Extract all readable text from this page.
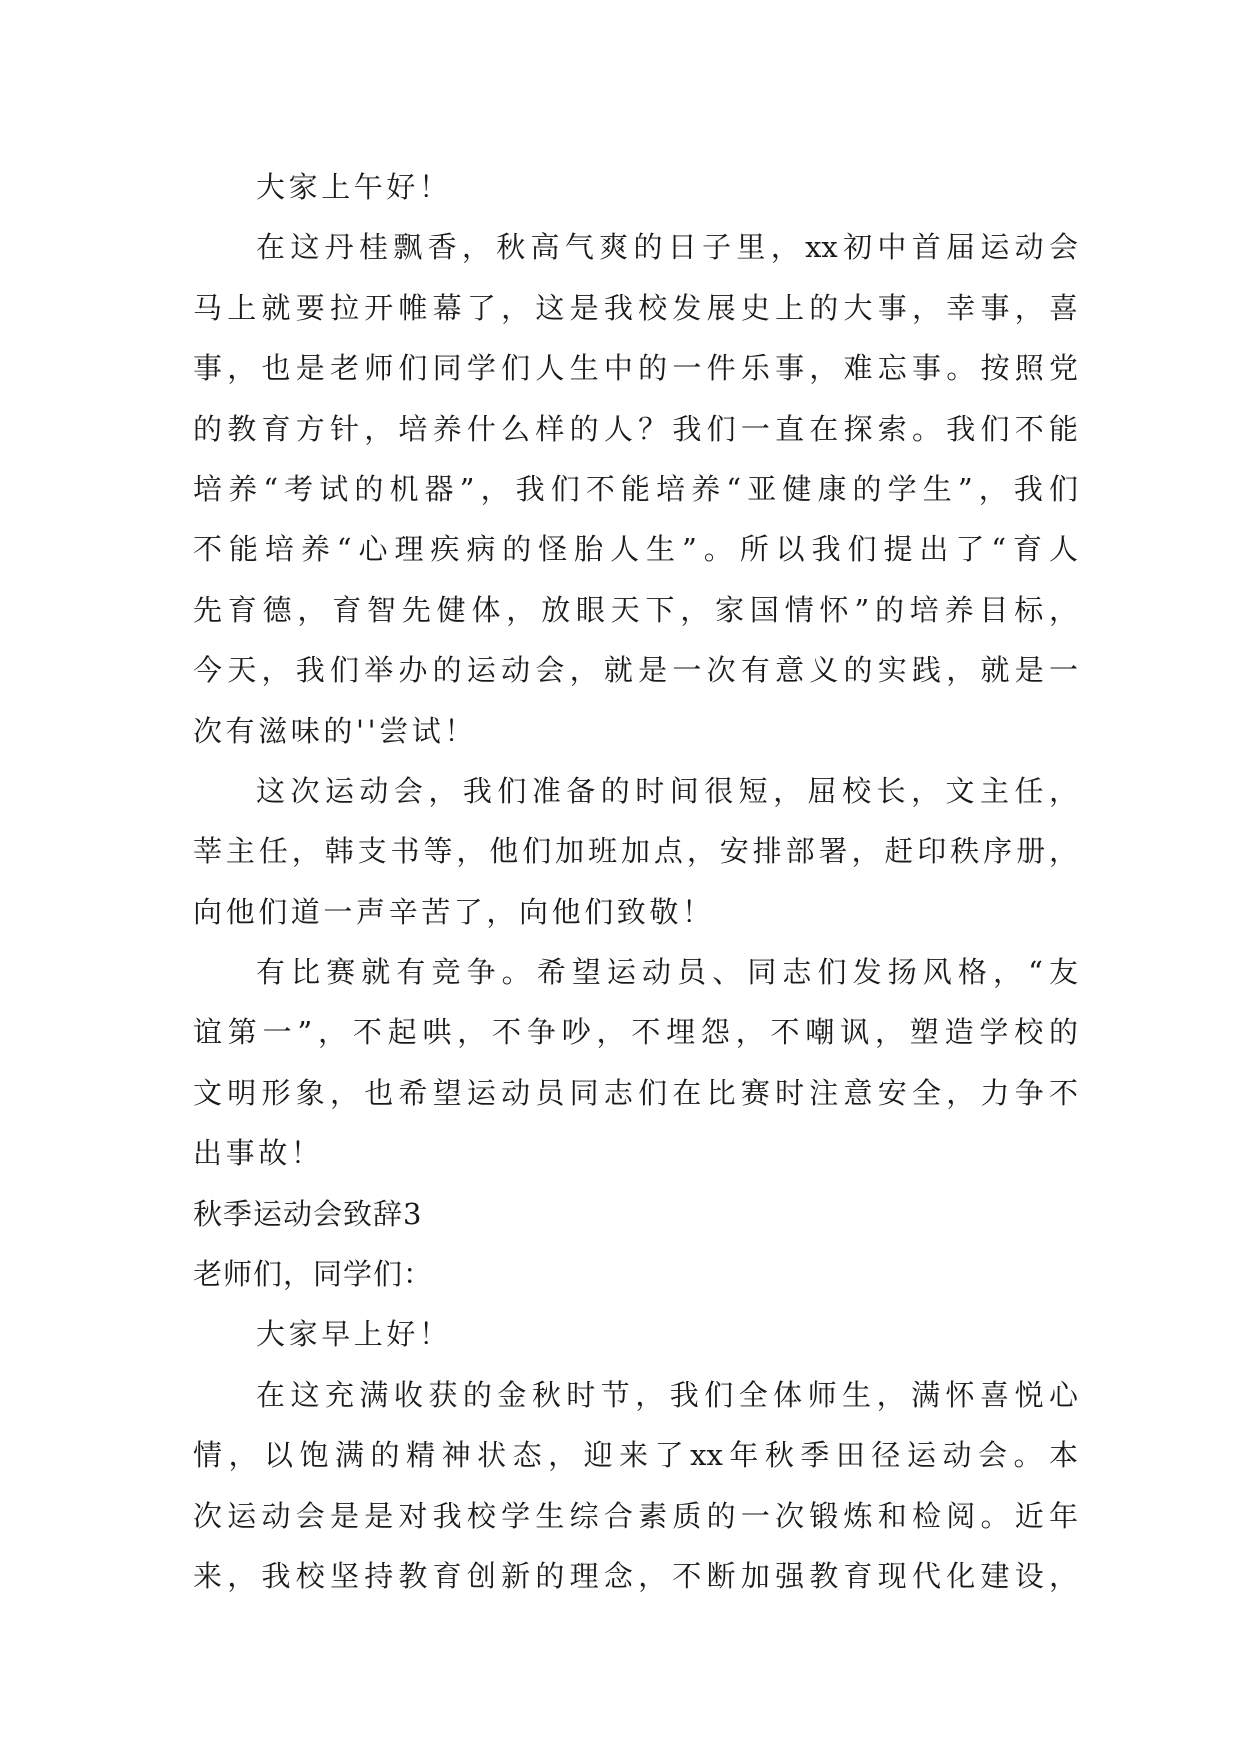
大家上午好！
在这丹桂飘香，秋高气爽的日子里，xx初中首届运动会
马上就要拉开帷幕了，这是我校发展史上的大事，幸事，喜
事，也是老师们同学们人生中的一件乐事，难忘事。按照党
的教育方针，培养什么样的人？我们一直在探索。我们不能
培养“考试的机器”，我们不能培养“亚健康的学生”，我们
不能培养“心理疾病的怪胎人生”。所以我们提出了“育人
先育德，育智先健体，放眼天下，家国情怀”的培养目标，
今天，我们举办的运动会，就是一次有意义的实践，就是一
次有滋味的''尝试！
这次运动会，我们准备的时间很短，屈校长，文主任，
莘主任，韩支书等，他们加班加点，安排部署，赶印秩序册，
向他们道一声辛苦了，向他们致敬！
有比赛就有竞争。希望运动员、同志们发扬风格，“友
谊第一”，不起哄，不争吵，不埋怨，不嘲讽，塑造学校的
文明形象，也希望运动员同志们在比赛时注意安全，力争不
出事故！
秋季运动会致辞3
老师们，同学们：
大家早上好！
在这充满收获的金秋时节，我们全体师生，满怀喜悦心
情，以饱满的精神状态，迎来了xx年秋季田径运动会。本
次运动会是是对我校学生综合素质的一次锻炼和检阅。近年
来，我校坚持教育创新的理念，不断加强教育现代化建设，
